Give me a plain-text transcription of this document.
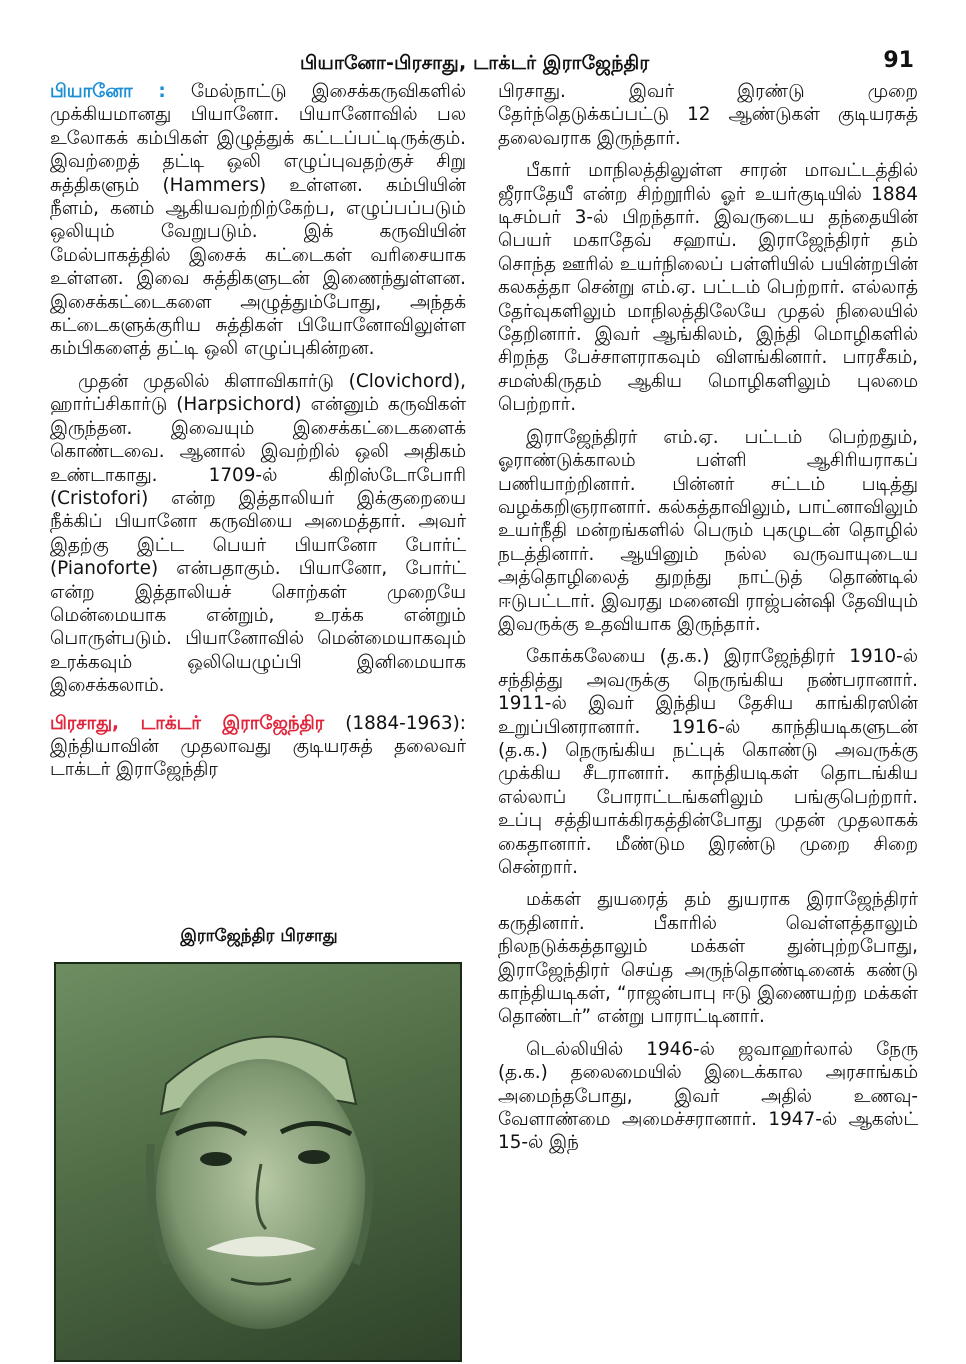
பியானோ-பிரசாது, டாக்டர் இராஜேந்திர	91

பியானோ : மேல்நாட்டு இசைக்கருவிகளில் முக்கியமானது பியானோ. பியானோவில் பல உலோகக் கம்பிகள் இழுத்துக் கட்டப்பட்டிருக்கும். இவற்றைத் தட்டி ஒலி எழுப்புவதற்குச் சிறு சுத்திகளும் (Hammers) உள்ளன. கம்பியின் நீளம், கனம் ஆகியவற்றிற்கேற்ப, எழுப்பப்படும் ஒலியும் வேறுபடும். இக் கருவியின் மேல்பாகத்தில் இசைக் கட்டைகள் வரிசையாக உள்ளன. இவை சுத்திகளுடன் இணைந்துள்ளன. இசைக்கட்டைகளை அழுத்தும்போது, அந்தக் கட்டைகளுக்குரிய சுத்திகள் பியோனோவிலுள்ள கம்பிகளைத் தட்டி ஒலி எழுப்புகின்றன.

முதன் முதலில் கிளாவிகார்டு (Clovichord), ஹார்ப்சிகார்டு (Harpsichord) என்னும் கருவிகள் இருந்தன. இவையும் இசைக்கட்டைகளைக் கொண்டவை. ஆனால் இவற்றில் ஒலி அதிகம் உண்டாகாது. 1709-ல் கிறிஸ்டோபோரி (Cristofori) என்ற இத்தாலியர் இக்குறையை நீக்கிப் பியானோ கருவியை அமைத்தார். அவர் இதற்கு இட்ட பெயர் பியானோ போர்ட் (Pianoforte) என்பதாகும். பியானோ, போர்ட் என்ற இத்தாலியச் சொற்கள் முறையே மென்மையாக என்றும், உரக்க என்றும் பொருள்படும். பியானோவில் மென்மையாகவும் உரக்கவும் ஒலியெழுப்பி இனிமையாக இசைக்கலாம்.

பிரசாது, டாக்டர் இராஜேந்திர (1884-1963): இந்தியாவின் முதலாவது குடியரசுத் தலைவர் டாக்டர் இராஜேந்திர

இராஜேந்திர பிரசாது

பிரசாது. இவர் இரண்டு முறை தேர்ந்தெடுக்கப்பட்டு 12 ஆண்டுகள் குடியரசுத் தலைவராக இருந்தார்.

பீகார் மாநிலத்திலுள்ள சாரன் மாவட்டத்தில் ஜீராதேயீ என்ற சிற்றூரில் ஓர் உயர்குடியில் 1884 டிசம்பர் 3-ல் பிறந்தார். இவருடைய தந்தையின் பெயர் மகாதேவ் சஹாய். இராஜேந்திரர் தம் சொந்த ஊரில் உயர்நிலைப் பள்ளியில் பயின்றபின் கலகத்தா சென்று எம்.ஏ. பட்டம் பெற்றார். எல்லாத் தேர்வுகளிலும் மாநிலத்திலேயே முதல் நிலையில் தேறினார். இவர் ஆங்கிலம், இந்தி மொழிகளில் சிறந்த பேச்சாளராகவும் விளங்கினார். பாரசீகம், சமஸ்கிருதம் ஆகிய மொழிகளிலும் புலமை பெற்றார்.

இராஜேந்திரர் எம்.ஏ. பட்டம் பெற்றதும், ஓராண்டுக்காலம் பள்ளி ஆசிரியராகப் பணியாற்றினார். பின்னர் சட்டம் படித்து வழக்கறிஞரானார். கல்கத்தாவிலும், பாட்னாவிலும் உயர்நீதி மன்றங்களில் பெரும் புகழுடன் தொழில் நடத்தினார். ஆயினும் நல்ல வருவாயுடைய அத்தொழிலைத் துறந்து நாட்டுத் தொண்டில் ஈடுபட்டார். இவரது மனைவி ராஜ்பன்ஷி தேவியும் இவருக்கு உதவியாக இருந்தார்.

கோக்கலேயை (த.க.) இராஜேந்திரர் 1910-ல் சந்தித்து அவருக்கு நெருங்கிய நண்பரானார். 1911-ல் இவர் இந்திய தேசிய காங்கிரஸின் உறுப்பினரானார். 1916-ல் காந்தியடிகளுடன் (த.க.) நெருங்கிய நட்புக் கொண்டு அவருக்கு முக்கிய சீடரானார். காந்தியடிகள் தொடங்கிய எல்லாப் போராட்டங்களிலும் பங்குபெற்றார். உப்பு சத்தியாக்கிரகத்தின்போது முதன் முதலாகக் கைதானார். மீண்டும இரண்டு முறை சிறை சென்றார்.

மக்கள் துயரைத் தம் துயராக இராஜேந்திரர் கருதினார். பீகாரில் வெள்ளத்தாலும் நிலநடுக்கத்தாலும் மக்கள் துன்புற்றபோது, இராஜேந்திரர் செய்த அருந்தொண்டினைக் கண்டு காந்தியடிகள், “ராஜன்பாபு ஈடு இணையற்ற மக்கள் தொண்டர்” என்று பாராட்டினார்.

டெல்லியில் 1946-ல் ஜவாஹர்லால் நேரு (த.க.) தலைமையில் இடைக்கால அரசாங்கம் அமைந்தபோது, இவர் அதில் உணவு-வேளாண்மை அமைச்சரானார். 1947-ல் ஆகஸ்ட் 15-ல் இந்
